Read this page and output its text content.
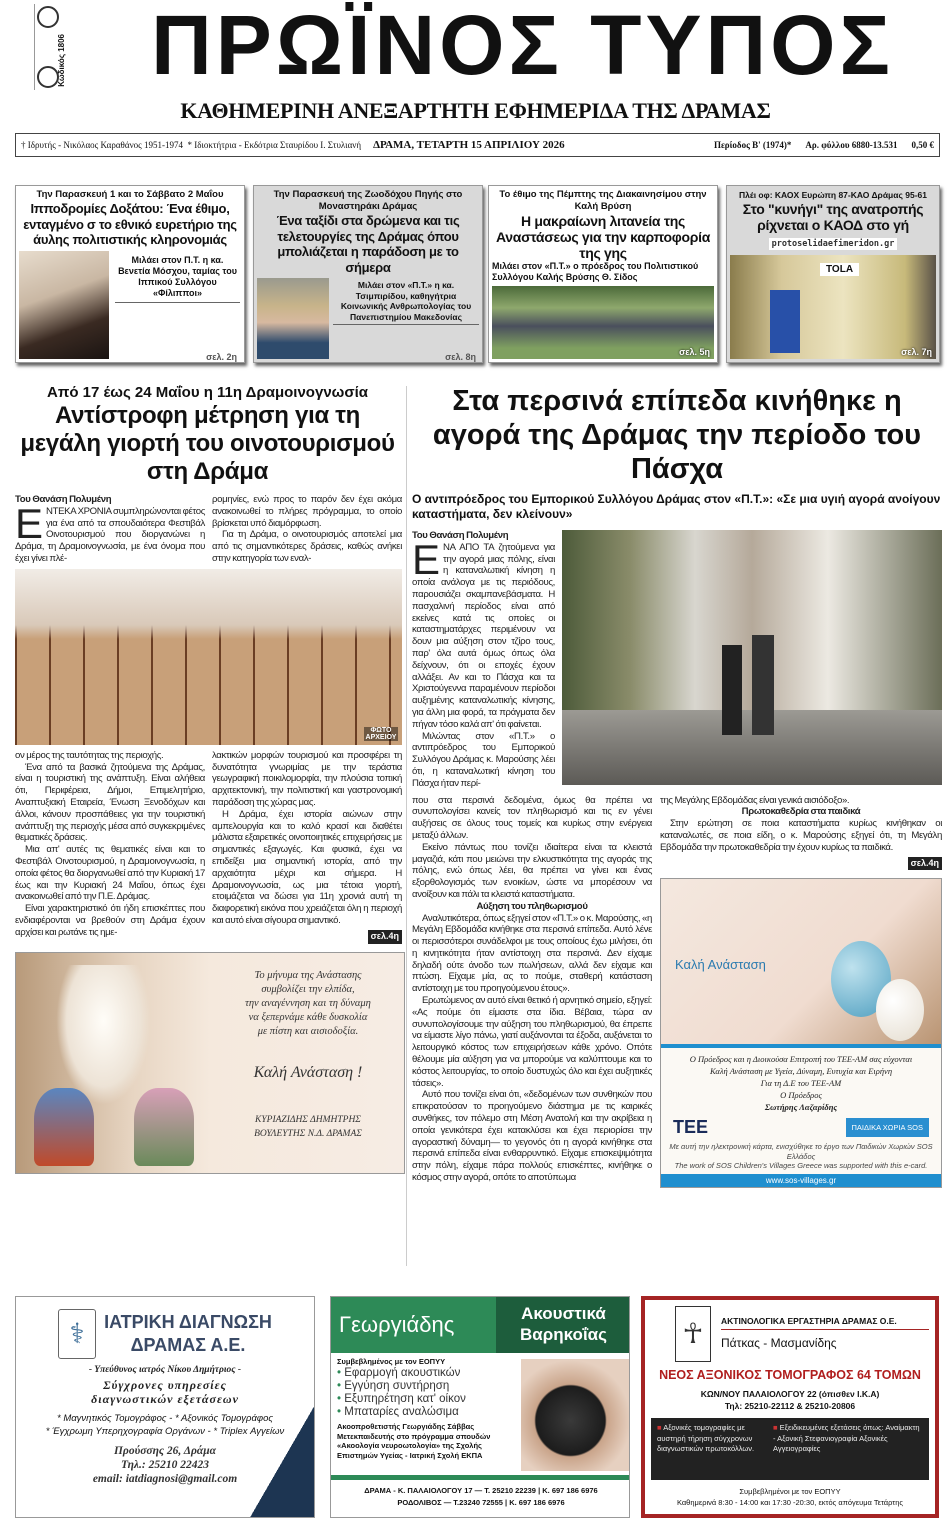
Κωδικός 1806	ΠΡΩΪΝΟΣ ΤΥΠΟΣ
ΚΑΘΗΜΕΡΙΝΗ ΑΝΕΞΑΡΤΗΤΗ ΕΦΗΜΕΡΙΔΑ ΤΗΣ ΔΡΑΜΑΣ
† Ιδρυτής - Νικόλαος Καραθάνος 1951-1974
* Ιδιοκτήτρια - Εκδότρια Σταυρίδου Ι. Στυλιανή ΔΡΑΜΑ, ΤΕΤΑΡΤΗ 15 ΑΠΡΙΛΙΟΥ 2026	Περίοδος Β' (1974)* Αρ. φύλλου 6880-13.531 0,50 €
Την Παρασκευή 1 και το Σάββατο 2 Μαΐου
Ιπποδρομίες Δοξάτου: Ένα έθιμο, ενταγμένο σ το εθνικό ευρετήριο της άυλης πολιτιστικής κληρονομιάς
Μιλάει στον Π.Τ. η κα. Βενετία Μόσχου, ταμίας του Ιππικού Συλλόγου «Φίλιπποι»
σελ. 2η
Την Παρασκευή της Ζωοδόχου Πηγής στο Μοναστηράκι Δράμας
Ένα ταξίδι στα δρώμενα και τις τελετουργίες της Δράμας όπου μπολιάζεται η παράδοση με το σήμερα
Μιλάει στον «Π.Τ.» η κα. Τσιμπιρίδου, καθηγήτρια Κοινωνικής Ανθρωπολογίας του Πανεπιστημίου Μακεδονίας
σελ. 8η
Το έθιμο της Πέμπτης της Διακαινησίμου στην Καλή Βρύση
Η μακραίωνη λιτανεία της Αναστάσεως για την καρποφορία της γης
Μιλάει στον «Π.Τ.» ο πρόεδρος του Πολιτιστικού Συλλόγου Καλής Βρύσης Θ. Σίδος
σελ. 5η
Πλέι οφ: ΚΑΟΧ Ευρώπη 87-ΚΑΟ Δράμας 95-61
Στο "κυνήγι" της ανατροπής ρίχνεται ο ΚΑΟΔ στο γή protoselidaefimeridon.gr
TOLA
σελ. 7η
Από 17 έως 24 Μαΐου η 11η Δραμοινογνωσία
Αντίστροφη μέτρηση για τη μεγάλη γιορτή του οινοτουρισμού στη Δράμα
Του Θανάση Πολυμένη
Ε ΝΤΕΚΑ ΧΡΟΝΙΑ συμπληρώνονται φέτος για ένα από τα σπουδαιότερα Φεστιβάλ Οινοτουρισμού που διοργανώνει η Δράμα, τη Δραμοινογνωσία, με ένα όνομα που έχει γίνει πλέ-

ρομηνίες, ενώ προς το παρόν δεν έχει ακόμα ανακοινωθεί το πλήρες πρόγραμμα, το οποίο βρίσκεται υπό διαμόρφωση.

Για τη Δράμα, ο οινοτουρισμός αποτελεί μια από τις σημαντικότερες δράσεις, καθώς ανήκει στην κατηγορία των εναλ-

ΦΩΤΟ ΑΡΧΕΙΟΥ

ον μέρος της ταυτότητας της περιοχής.

Ένα από τα βασικά ζητούμενα της Δράμας, είναι η τουριστική της ανάπτυξη. Είναι αλήθεια ότι, Περιφέρεια, Δήμοι, Επιμελητήριο, Αναπτυξιακή Εταιρεία, Ένωση Ξενοδόχων και άλλοι, κάνουν προσπάθειες για την τουριστική ανάπτυξη της περιοχής μέσα από συγκεκριμένες θεματικές δράσεις.

Μια απ' αυτές τις θεματικές είναι και το Φεστιβάλ Οινοτουρισμού, η Δραμοινογνωσία, η οποία φέτος θα διοργανωθεί από την Κυριακή 17 έως και την Κυριακή 24 Μαΐου, όπως έχει ανακοινωθεί από την Π.Ε. Δράμας.

Είναι χαρακτηριστικό ότι ήδη επισκέπτες που ενδιαφέρονται να βρεθούν στη Δράμα έχουν αρχίσει και ρωτάνε τις ημε-

λακτικών μορφών τουρισμού και προσφέρει τη δυνατότητα γνωριμίας με την τεράστια γεωγραφική ποικιλομορφία, την πλούσια τοπική αρχιτεκτονική, την πολιτιστική και γαστρονομική παράδοση της χώρας μας.

Η Δράμα, έχει ιστορία αιώνων στην αμπελουργία και το καλό κρασί και διαθέτει μάλιστα εξαιρετικές οινοποιητικές επιχειρήσεις με σημαντικές εξαγωγές. Και φυσικά, έχει να επιδείξει μια σημαντική ιστορία, από την αρχαιότητα μέχρι και σήμερα. Η Δραμοινογνωσία, ως μια τέτοια γιορτή, ετοιμάζεται να δώσει για 11η χρονιά αυτή τη διαφορετική εικόνα που χρειάζεται όλη η περιοχή και αυτό είναι σίγουρα σημαντικό.

σελ.4η
Το μήνυμα της Ανάστασης
συμβολίζει την ελπίδα,
την αναγέννηση και τη δύναμη
να ξεπερνάμε κάθε δυσκολία
με πίστη και αισιοδοξία.
Καλή Ανάσταση !
ΚΥΡΙΑΖΙΔΗΣ ΔΗΜΗΤΡΗΣ
ΒΟΥΛΕΥΤΗΣ Ν.Δ. ΔΡΑΜΑΣ
Στα περσινά επίπεδα κινήθηκε η αγορά της Δράμας την περίοδο του Πάσχα
Ο αντιπρόεδρος του Εμπορικού Συλλόγου Δράμας στον «Π.Τ.»: «Σε μια υγιή αγορά ανοίγουν καταστήματα, δεν κλείνουν»
Του Θανάση Πολυμένη
Ε ΝΑ ΑΠΟ ΤΑ ζητούμενα για την αγορά μιας πόλης, είναι η καταναλωτική κίνηση η οποία ανάλογα με τις περιόδους, παρουσιάζει σκαμπανεβάσματα. Η πασχαλινή περίοδος είναι από εκείνες κατά τις οποίες οι καταστηματάρχες περιμένουν να δουν μια αύξηση στον τζίρο τους, παρ' όλα αυτά όμως όπως όλα δείχνουν, ότι οι εποχές έχουν αλλάξει. Αν και το Πάσχα και τα Χριστούγεννα παραμένουν περίοδοι αυξημένης καταναλωτικής κίνησης, για άλλη μια φορά, τα πράγματα δεν πήγαν τόσο καλά απ' ότι φαίνεται.

Μιλώντας στον «Π.Τ.» ο αντιπρόεδρος του Εμπορικού Συλλόγου Δράμας κ. Μαρούσης λέει ότι, η καταναλωτική κίνηση του Πάσχα ήταν περί-

που στα περσινά δεδομένα, όμως θα πρέπει να συνυπολογίσει κανείς τον πληθωρισμό και τις εν γένει αυξήσεις σε όλους τους τομείς και κυρίως στην ενέργεια μεταξύ άλλων.

Εκείνο πάντως που τονίζει ιδιαίτερα είναι τα κλειστά μαγαζιά, κάτι που μειώνει την ελκυστικότητα της αγοράς της πόλης, ενώ όπως λέει, θα πρέπει να γίνει και ένας εξορθολογισμός των ενοικίων, ώστε να μπορέσουν να ανοίξουν και πάλι τα κλειστά καταστήματα.

Αύξηση του πληθωρισμού

Αναλυτικότερα, όπως εξηγεί στον «Π.Τ.» ο κ. Μαρούσης, «η Μεγάλη Εβδομάδα κινήθηκε στα περσινά επίπεδα. Αυτό λένε οι περισσότεροι συνάδελφοι με τους οποίους έχω μιλήσει, ότι η κινητικότητα ήταν αντίστοιχη στα περσινά. Δεν είχαμε δηλαδή ούτε άνοδο των πωλήσεων, αλλά δεν είχαμε και πτώση. Είχαμε μία, ας το πούμε, σταθερή κατάσταση αντίστοιχη με του προηγούμενου έτους».

Ερωτώμενος αν αυτό είναι θετικό ή αρνητικό σημείο, εξηγεί: «Ας πούμε ότι είμαστε στα ίδια. Βέβαια, τώρα αν συνυπολογίσουμε την αύξηση του πληθωρισμού, θα έπρεπε να είμαστε λίγο πάνω, γιατί αυξάνονται τα έξοδα, αυξάνεται το λειτουργικό κόστος των επιχειρήσεων κάθε χρόνο. Οπότε θέλουμε μία αύξηση για να μπορούμε να καλύπτουμε και το κόστος λειτουργίας, το οποίο δυστυχώς όλο και έχει αυξητικές τάσεις».

Αυτό που τονίζει είναι ότι, «δεδομένων των συνθηκών που επικρατούσαν το προηγούμενο διάστημα με τις καιρικές συνθήκες, τον πόλεμο στη Μέση Ανατολή και την ακρίβεια η οποία γενικότερα έχει κατακλύσει και έχει περιορίσει την αγοραστική δύναμη— το γεγονός ότι η αγορά κινήθηκε στα περσινά επίπεδα είναι ενθαρρυντικό. Είχαμε επισκεψιμότητα στην πόλη, είχαμε πάρα πολλούς επισκέπτες, κινήθηκε ο κόσμος στην αγορά, οπότε το αποτύπωμα

της Μεγάλης Εβδομάδας είναι γενικά αισιόδοξο».

Πρωτοκαθεδρία στα παιδικά

Στην ερώτηση σε ποια καταστήματα κυρίως κινήθηκαν οι καταναλωτές, σε ποια είδη, ο κ. Μαρούσης εξηγεί ότι, τη Μεγάλη Εβδομάδα την πρωτοκαθεδρία την έχουν κυρίως τα παιδικά.

σελ.4η
Καλή Ανάσταση
Ο Πρόεδρος και η Διοικούσα Επιτροπή του ΤΕΕ-ΑΜ σας εύχονται
Καλή Ανάσταση με Υγεία, Δύναμη, Ευτυχία και Ειρήνη
Για τη Δ.Ε του ΤΕΕ-ΑΜ
Ο Πρόεδρος
Σωτήρης Λαζαρίδης
ΤΕΕ	ΠΑΙΔΙΚΑ ΧΩΡΙΑ SOS
Με αυτή την ηλεκτρονική κάρτα, ενισχύθηκε το έργο των Παιδικών Χωριών SOS Ελλάδος
The work of SOS Children's Villages Greece was supported with this e-card.
www.sos-villages.gr
⚕	ΙΑΤΡΙΚΗ ΔΙΑΓΝΩΣΗ
ΔΡΑΜΑΣ Α.Ε.
- Υπεύθυνος ιατρός Νίκου Δημήτριος -
Σύγχρονες υπηρεσίες
διαγνωστικών εξετάσεων
* Μαγνητικός Τομογράφος - * Αξονικός Τομογράφος
* Έγχρωμη Υπερηχογραφία Οργάνων - * Triplex Αγγείων
Προύσσης 26, Δράμα
Τηλ.: 25210 22423
email: iatdiagnosi@gmail.com
Γεωργιάδης	Ακουστικά
Βαρηκοΐας
Συμβεβλημένος με τον ΕΟΠΥΥ
• Εφαρμογή ακουστικών
• Εγγύηση συντήρηση
• Εξυπηρέτηση κατ' οίκον
• Μπαταρίες αναλώσιμα
Ακοοπροθετιστής Γεωργιάδης Σάββας Μετεκπαιδευτής στο πρόγραμμα σπουδών «Ακοολογία νευροωτολογία» της Σχολής Επιστημών Υγείας - Ιατρική Σχολή ΕΚΠΑ
ΔΡΑΜΑ - Κ. ΠΑΛΑΙΟΛΟΓΟΥ 17 — Τ. 25210 22239 | Κ. 697 186 6976
ΡΟΔΟΛΙΒΟΣ — Τ.23240 72555 | Κ. 697 186 6976
☥	ΑΚΤΙΝΟΛΟΓΙΚΑ ΕΡΓΑΣΤΗΡΙΑ ΔΡΑΜΑΣ Ο.Ε.
Πάτκας - Μασμανίδης
ΝΕΟΣ ΑΞΟΝΙΚΟΣ ΤΟΜΟΓΡΑΦΟΣ 64 ΤΟΜΩΝ
ΚΩΝ/ΝΟΥ ΠΑΛΑΙΟΛΟΓΟΥ 22 (όπισθεν Ι.Κ.Α)
Τηλ: 25210-22112 & 25210-20806
■ Αξονικές τομογραφίες με αυστηρή τήρηση σύγχρονων διαγνωστικών πρωτοκόλλων.
■ Εξειδικευμένες εξετάσεις όπως: Αναίμακτη - Αξονική Στεφανιογραφία Αξονικές Αγγειογραφίες
Συμβεβλημένοι με τον ΕΟΠΥΥ
Καθημερινά 8:30 - 14:00 και 17:30 -20:30, εκτός απόγευμα Τετάρτης
